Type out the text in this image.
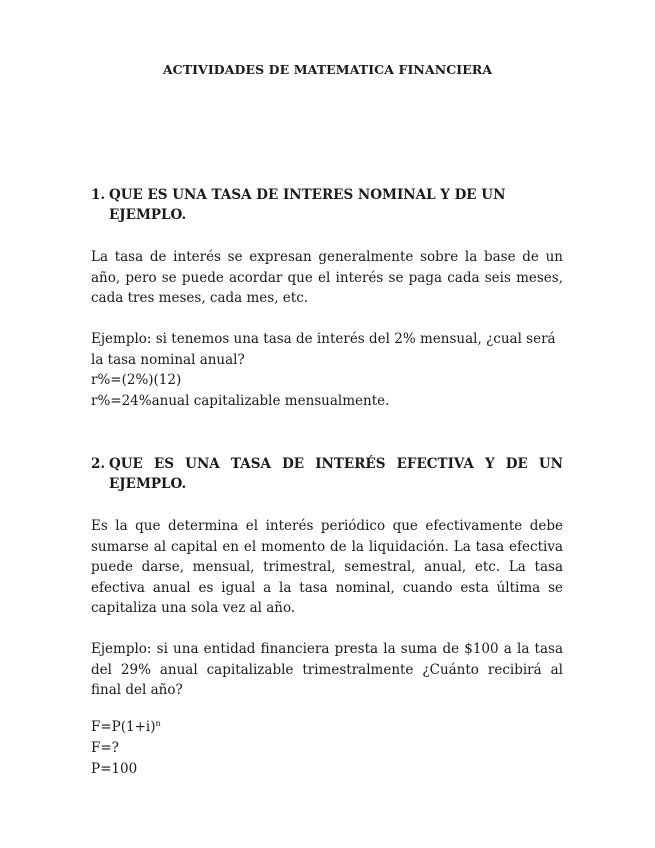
ACTIVIDADES DE MATEMATICA FINANCIERA
1. QUE ES UNA TASA DE INTERES NOMINAL Y DE UN EJEMPLO.
La tasa de interés se expresan generalmente sobre la base de un año, pero se puede acordar que el interés se paga cada seis meses, cada tres meses, cada mes, etc.
Ejemplo: si tenemos una tasa de interés del 2% mensual, ¿cual será la tasa nominal anual?
r%=(2%)(12)
r%=24%anual capitalizable mensualmente.
2. QUE ES UNA TASA DE INTERÉS EFECTIVA Y DE UN EJEMPLO.
Es la que determina el interés periódico que efectivamente debe sumarse al capital en el momento de la liquidación. La tasa efectiva puede darse, mensual, trimestral, semestral, anual, etc. La tasa efectiva anual es igual a la tasa nominal, cuando esta última se capitaliza una sola vez al año.
Ejemplo: si una entidad financiera presta la suma de $100 a la tasa del 29% anual capitalizable trimestralmente ¿Cuánto recibirá al final del año?
$F=P(1+i)^n$
F=?
P=100
